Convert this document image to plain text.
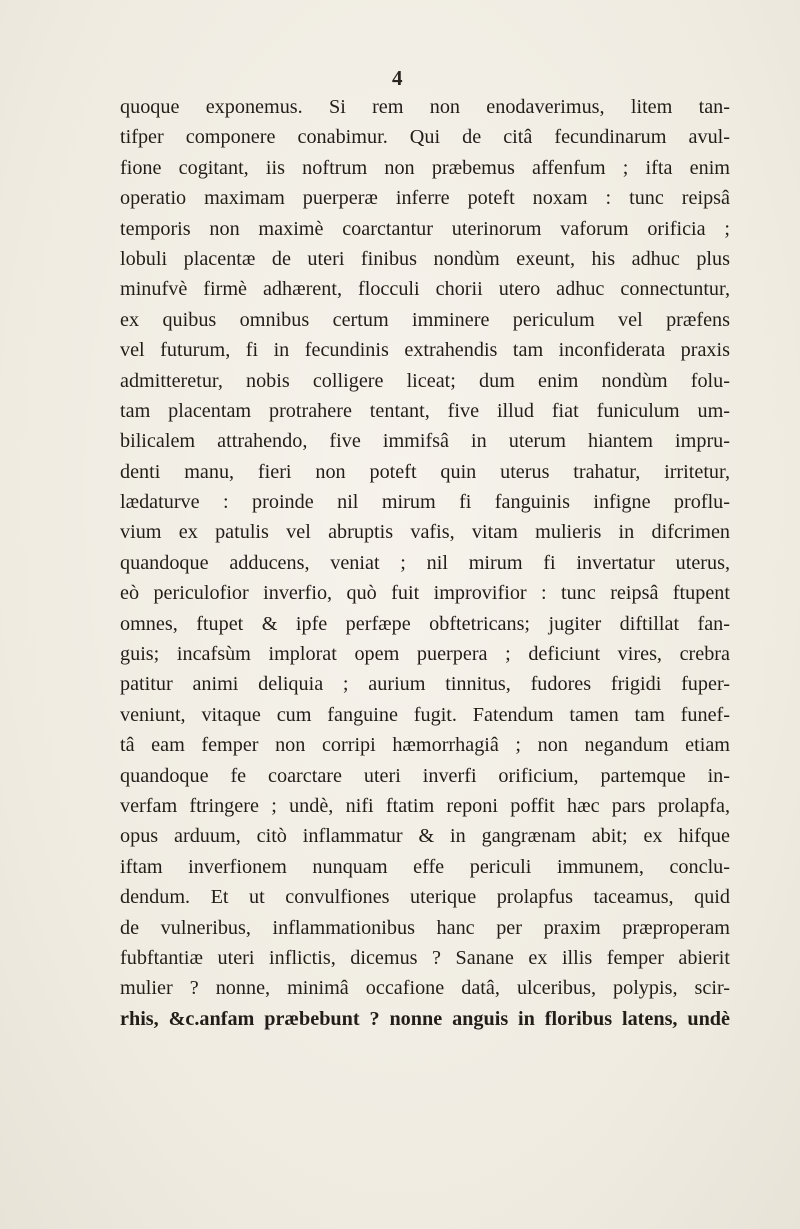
4
quoque exponemus. Si rem non enodaverimus, litem tan-
tifper componere conabimur. Qui de citâ fecundinarum avul-
fione cogitant, iis noftrum non præbemus affenfum ; ifta enim
operatio maximam puerperæ inferre poteft noxam : tunc reipsâ
temporis non maximè coarctantur uterinorum vaforum orificia ;
lobuli placentæ de uteri finibus nondùm exeunt, his adhuc plus
minufvè firmè adhærent, flocculi chorii utero adhuc connectuntur,
ex quibus omnibus certum imminere periculum vel præfens
vel futurum, fi in fecundinis extrahendis tam inconfiderata praxis
admitteretur, nobis colligere liceat; dum enim nondùm folu-
tam placentam protrahere tentant, five illud fiat funiculum um-
bilicalem attrahendo, five immifsâ in uterum hiantem impru-
denti manu, fieri non poteft quin uterus trahatur, irritetur,
lædaturve : proinde nil mirum fi fanguinis infigne proflu-
vium ex patulis vel abruptis vafis, vitam mulieris in difcrimen
quandoque adducens, veniat ; nil mirum fi invertatur uterus,
eò periculofior inverfio, quò fuit improvifior : tunc reipsâ ftupent
omnes, ftupet & ipfe perfæpe obftetricans; jugiter diftillat fan-
guis; incafsùm implorat opem puerpera ; deficiunt vires, crebra
patitur animi deliquia ; aurium tinnitus, fudores frigidi fuper-
veniunt, vitaque cum fanguine fugit. Fatendum tamen tam funef-
tâ eam femper non corripi hæmorrhagiâ ; non negandum etiam
quandoque fe coarctare uteri inverfi orificium, partemque in-
verfam ftringere ; undè, nifi ftatim reponi poffit hæc pars prolapfa,
opus arduum, citò inflammatur & in gangrænam abit; ex hifque
iftam inverfionem nunquam effe periculi immunem, conclu-
dendum. Et ut convulfiones uterique prolapfus taceamus, quid
de vulneribus, inflammationibus hanc per praxim præproperam
fubftantiæ uteri inflictis, dicemus ? Sanane ex illis femper abierit
mulier ? nonne, minimâ occafione datâ, ulceribus, polypis, scir-
rhis, &c.anfam præbebunt ? nonne anguis in floribus latens, undè
